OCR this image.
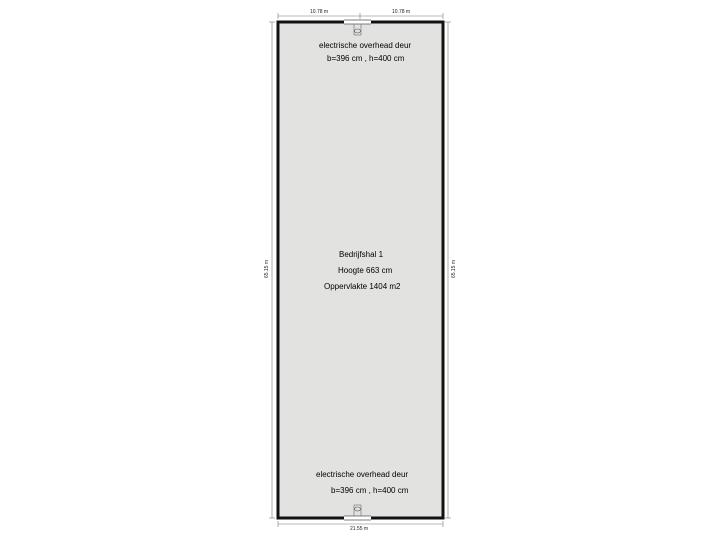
10.78 m	10.78 m
21.55 m
65.15 m	65.15 m
electrische overhead deur
b=396 cm , h=400 cm
Bedrijfshal 1
Hoogte 663 cm
Oppervlakte 1404 m2
electrische overhead deur
b=396 cm , h=400 cm
